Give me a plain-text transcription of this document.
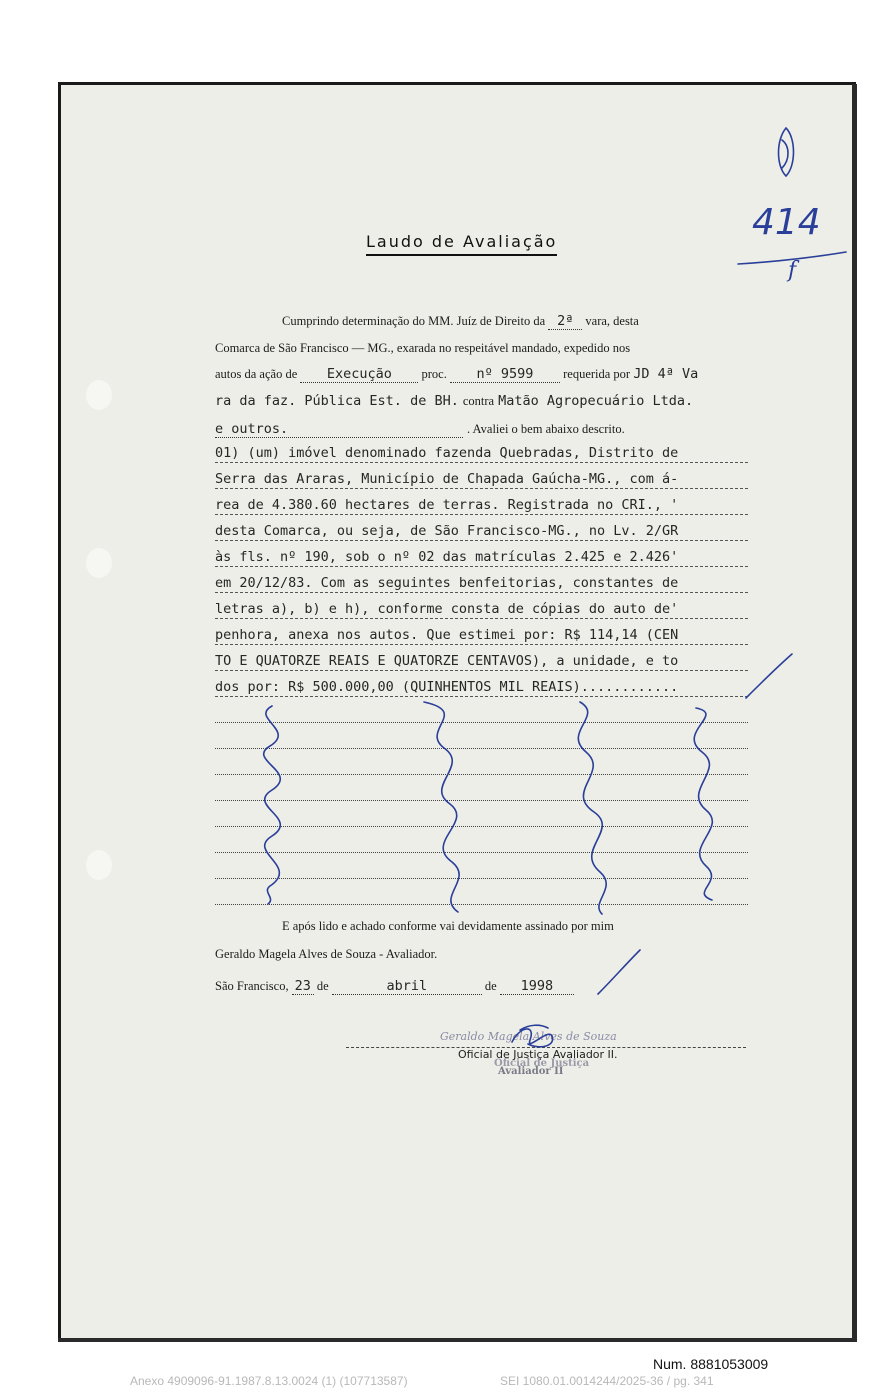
Laudo de Avaliação	414
f
Cumprindo determinação do MM. Juíz de Direito da 2ª vara, desta
Comarca de São Francisco — MG., exarada no respeitável mandado, expedido nos
autos da ação de Execução proc. nº 9599 requerida por JD 4ª Va
ra da faz. Pública Est. de BH. contra Matão Agropecuário Ltda.
e outros.	. Avaliei o bem abaixo descrito.
01) (um) imóvel denominado fazenda Quebradas, Distrito de
Serra das Araras, Município de Chapada Gaúcha-MG., com á-
rea de 4.380.60 hectares de terras. Registrada no CRI., '
desta Comarca, ou seja, de São Francisco-MG., no Lv. 2/GR
às fls. nº 190, sob o nº 02 das matrículas 2.425 e 2.426'
em 20/12/83. Com as seguintes benfeitorias, constantes de
letras a), b) e h), conforme consta de cópias do auto de'
penhora, anexa nos autos. Que estimei por: R$ 114,14 (CEN
TO E QUATORZE REAIS E QUATORZE CENTAVOS), a unidade, e to
dos por: R$ 500.000,00 (QUINHENTOS MIL REAIS)............
E após lido e achado conforme vai devidamente assinado por mim
Geraldo Magela Alves de Souza - Avaliador.
São Francisco, 23 de	abril	de 1998
Geraldo Magela Alves de Souza
Oficial de Justiça Avaliador II.
Oficial de Justiça
Avaliador II
Num. 8881053009
Anexo 4909096-91.1987.8.13.0024 (1) (107713587)	SEI 1080.01.0014244/2025-36 / pg. 341
